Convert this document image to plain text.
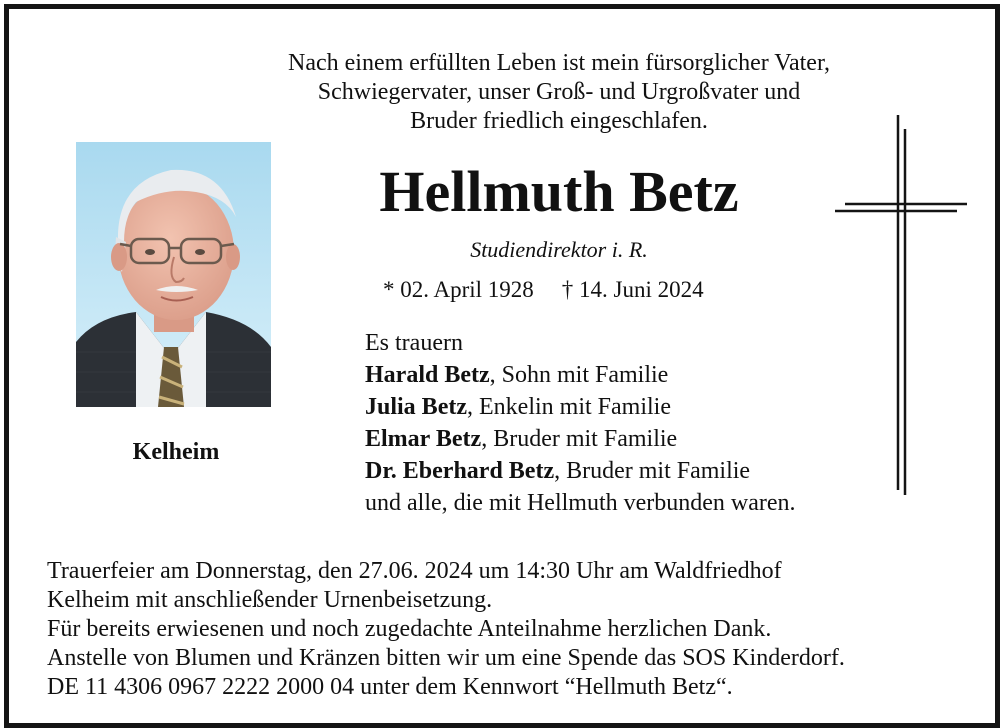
Nach einem erfüllten Leben ist mein fürsorglicher Vater,
Schwiegervater, unser Groß- und Urgroßvater und
Bruder friedlich eingeschlafen.
Kelheim
Hellmuth Betz
Studiendirektor i. R.
* 02. April 1928 † 14. Juni 2024
Es trauern
Harald Betz, Sohn mit Familie
Julia Betz, Enkelin mit Familie
Elmar Betz, Bruder mit Familie
Dr. Eberhard Betz, Bruder mit Familie
und alle, die mit Hellmuth verbunden waren.
Trauerfeier am Donnerstag, den 27.06. 2024 um 14:30 Uhr am Waldfriedhof
Kelheim mit anschließender Urnenbeisetzung.
Für bereits erwiesenen und noch zugedachte Anteilnahme herzlichen Dank.
Anstelle von Blumen und Kränzen bitten wir um eine Spende das SOS Kinderdorf.
DE 11 4306 0967 2222 2000 04 unter dem Kennwort “Hellmuth Betz“.
